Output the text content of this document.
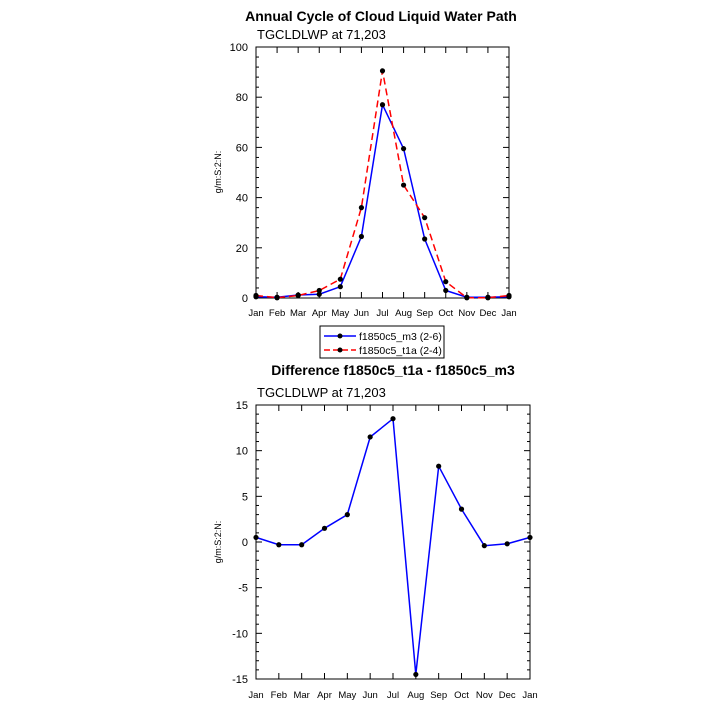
Annual Cycle of Cloud Liquid Water Path
TGCLDLWP at 71,203
g/m:S:2:N:
0
20
40
60
80
100
Jan Feb Mar Apr May Jun Jul Aug Sep Oct Nov Dec Jan
f1850c5_m3 (2-6)
f1850c5_t1a (2-4)
Difference f1850c5_t1a - f1850c5_m3
TGCLDLWP at 71,203
g/m:S:2:N:
-15
-10
-5
0
5
10
15
Jan Feb Mar Apr May Jun Jul Aug Sep Oct Nov Dec Jan
